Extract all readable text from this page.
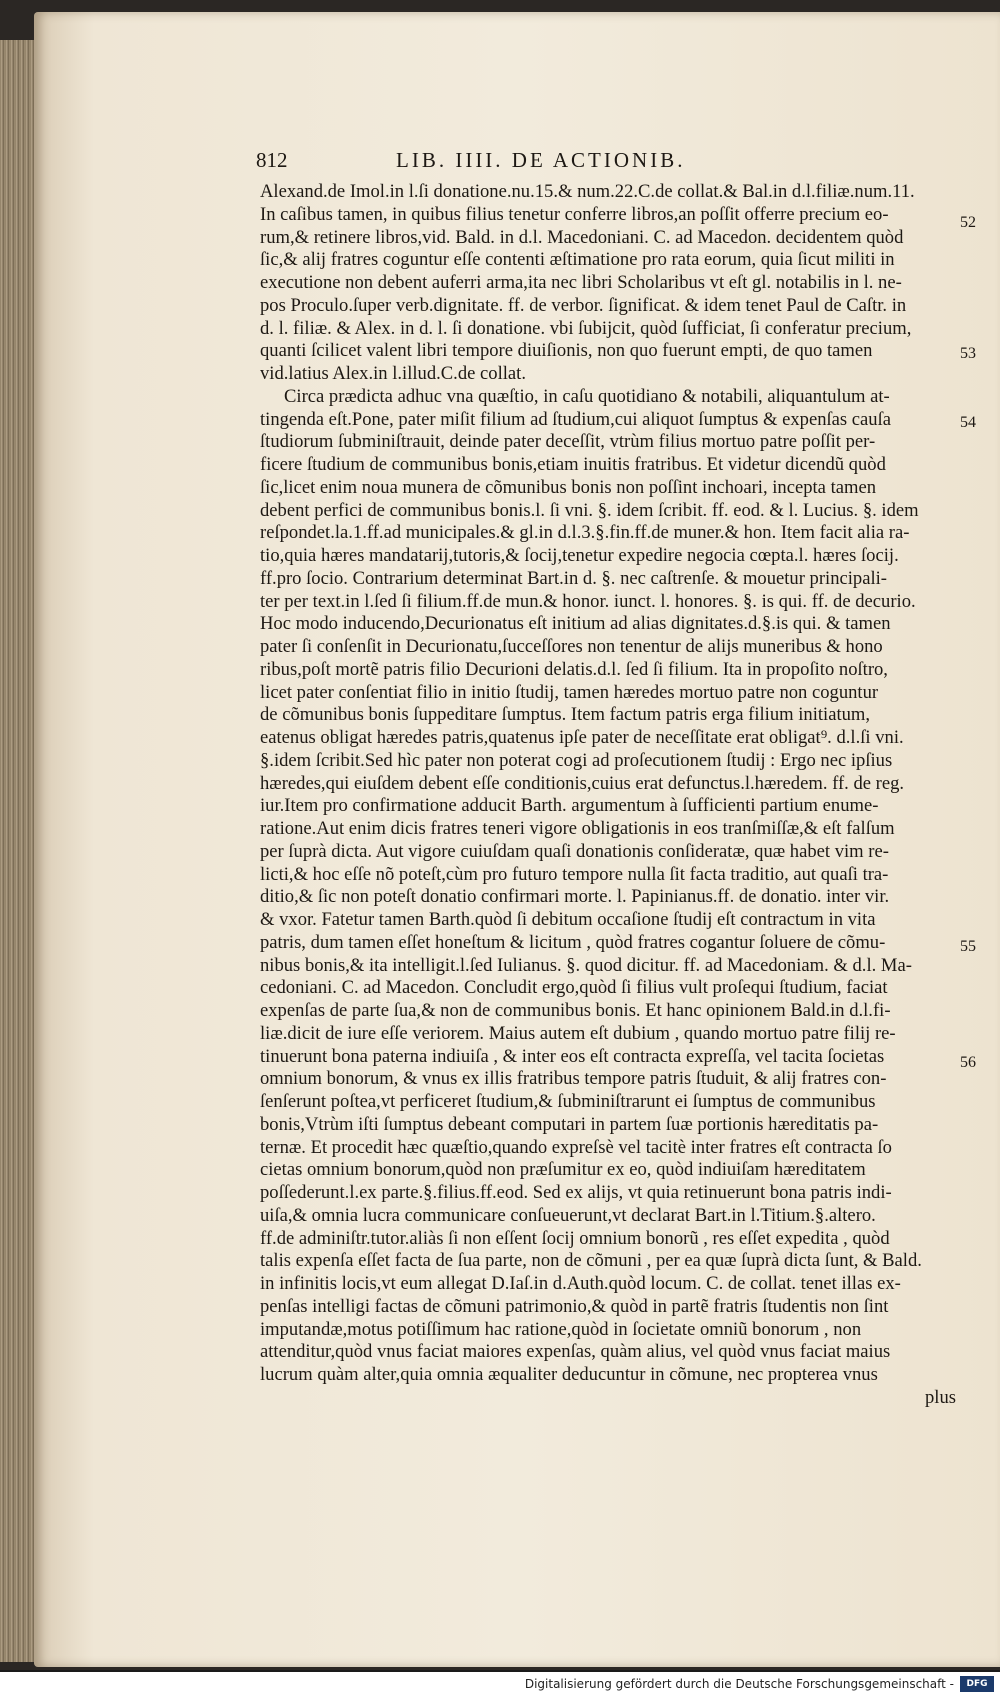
812	LIB. IIII. DE ACTIONIB.
Alexand.de Imol.in l.ſi donatione.nu.15.& num.22.C.de collat.& Bal.in d.l.filiæ.num.11.
In caſibus tamen, in quibus filius tenetur conferre libros,an poſſit offerre precium eo-
rum,& retinere libros,vid. Bald. in d.l. Macedoniani. C. ad Macedon. decidentem quòd
ſic,& alij fratres coguntur eſſe contenti æſtimatione pro rata eorum, quia ſicut militi in
executione non debent auferri arma,ita nec libri Scholaribus vt eſt gl. notabilis in l. ne-
pos Proculo.ſuper verb.dignitate. ff. de verbor. ſignificat. & idem tenet Paul de Caſtr. in
d. l. filiæ. & Alex. in d. l. ſi donatione. vbi ſubijcit, quòd ſufficiat, ſi conferatur precium,
quanti ſcilicet valent libri tempore diuiſionis, non quo fuerunt empti, de quo tamen
vid.latius Alex.in l.illud.C.de collat.
Circa prædicta adhuc vna quæſtio, in caſu quotidiano & notabili, aliquantulum at-
tingenda eſt.Pone, pater miſit filium ad ſtudium,cui aliquot ſumptus & expenſas cauſa
ſtudiorum ſubminiſtrauit, deinde pater deceſſit, vtrùm filius mortuo patre poſſit per-
ficere ſtudium de communibus bonis,etiam inuitis fratribus. Et videtur dicendũ quòd
ſic,licet enim noua munera de cõmunibus bonis non poſſint inchoari, incepta tamen
debent perfici de communibus bonis.l. ſi vni. §. idem ſcribit. ff. eod. & l. Lucius. §. idem
reſpondet.la.1.ff.ad municipales.& gl.in d.l.3.§.fin.ff.de muner.& hon. Item facit alia ra-
tio,quia hæres mandatarij,tutoris,& ſocij,tenetur expedire negocia cœpta.l. hæres ſocij.
ff.pro ſocio. Contrarium determinat Bart.in d. §. nec caſtrenſe. & mouetur principali-
ter per text.in l.ſed ſi filium.ff.de mun.& honor. iunct. l. honores. §. is qui. ff. de decurio.
Hoc modo inducendo,Decurionatus eſt initium ad alias dignitates.d.§.is qui. & tamen
pater ſi conſenſit in Decurionatu,ſucceſſores non tenentur de alijs muneribus & hono
ribus,poſt mortẽ patris filio Decurioni delatis.d.l. ſed ſi filium. Ita in propoſito noſtro,
licet pater conſentiat filio in initio ſtudij, tamen hæredes mortuo patre non coguntur
de cõmunibus bonis ſuppeditare ſumptus. Item factum patris erga filium initiatum,
eatenus obligat hæredes patris,quatenus ipſe pater de neceſſitate erat obligat⁹. d.l.ſi vni.
§.idem ſcribit.Sed hìc pater non poterat cogi ad proſecutionem ſtudij : Ergo nec ipſius
hæredes,qui eiuſdem debent eſſe conditionis,cuius erat defunctus.l.hæredem. ff. de reg.
iur.Item pro confirmatione adducit Barth. argumentum à ſufficienti partium enume-
ratione.Aut enim dicis fratres teneri vigore obligationis in eos tranſmiſſæ,& eſt falſum
per ſuprà dicta. Aut vigore cuiuſdam quaſi donationis conſideratæ, quæ habet vim re-
licti,& hoc eſſe nõ poteſt,cùm pro futuro tempore nulla ſit facta traditio, aut quaſi tra-
ditio,& ſic non poteſt donatio confirmari morte. l. Papinianus.ff. de donatio. inter vir.
& vxor. Fatetur tamen Barth.quòd ſi debitum occaſione ſtudij eſt contractum in vita
patris, dum tamen eſſet honeſtum & licitum , quòd fratres cogantur ſoluere de cõmu-
nibus bonis,& ita intelligit.l.ſed Iulianus. §. quod dicitur. ff. ad Macedoniam. & d.l. Ma-
cedoniani. C. ad Macedon. Concludit ergo,quòd ſi filius vult proſequi ſtudium, faciat
expenſas de parte ſua,& non de communibus bonis. Et hanc opinionem Bald.in d.l.fi-
liæ.dicit de iure eſſe veriorem. Maius autem eſt dubium , quando mortuo patre filij re-
tinuerunt bona paterna indiuiſa , & inter eos eſt contracta expreſſa, vel tacita ſocietas
omnium bonorum, & vnus ex illis fratribus tempore patris ſtuduit, & alij fratres con-
ſenſerunt poſtea,vt perficeret ſtudium,& ſubminiſtrarunt ei ſumptus de communibus
bonis,Vtrùm iſti ſumptus debeant computari in partem ſuæ portionis hæreditatis pa-
ternæ. Et procedit hæc quæſtio,quando expreſsè vel tacitè inter fratres eſt contracta ſo
cietas omnium bonorum,quòd non præſumitur ex eo, quòd indiuiſam hæreditatem
poſſederunt.l.ex parte.§.filius.ff.eod. Sed ex alijs, vt quia retinuerunt bona patris indi-
uiſa,& omnia lucra communicare conſueuerunt,vt declarat Bart.in l.Titium.§.altero.
ff.de adminiſtr.tutor.aliàs ſi non eſſent ſocij omnium bonorũ , res eſſet expedita , quòd
talis expenſa eſſet facta de ſua parte, non de cõmuni , per ea quæ ſuprà dicta ſunt, & Bald.
in infinitis locis,vt eum allegat D.Iaſ.in d.Auth.quòd locum. C. de collat. tenet illas ex-
penſas intelligi factas de cõmuni patrimonio,& quòd in partẽ fratris ſtudentis non ſint
imputandæ,motus potiſſimum hac ratione,quòd in ſocietate omniũ bonorum , non
attenditur,quòd vnus faciat maiores expenſas, quàm alius, vel quòd vnus faciat maius
lucrum quàm alter,quia omnia æqualiter deducuntur in cõmune, nec propterea vnus
plus
52
53
54
55
56
Digitalisierung gefördert durch die Deutsche Forschungsgemeinschaft -	DFG
